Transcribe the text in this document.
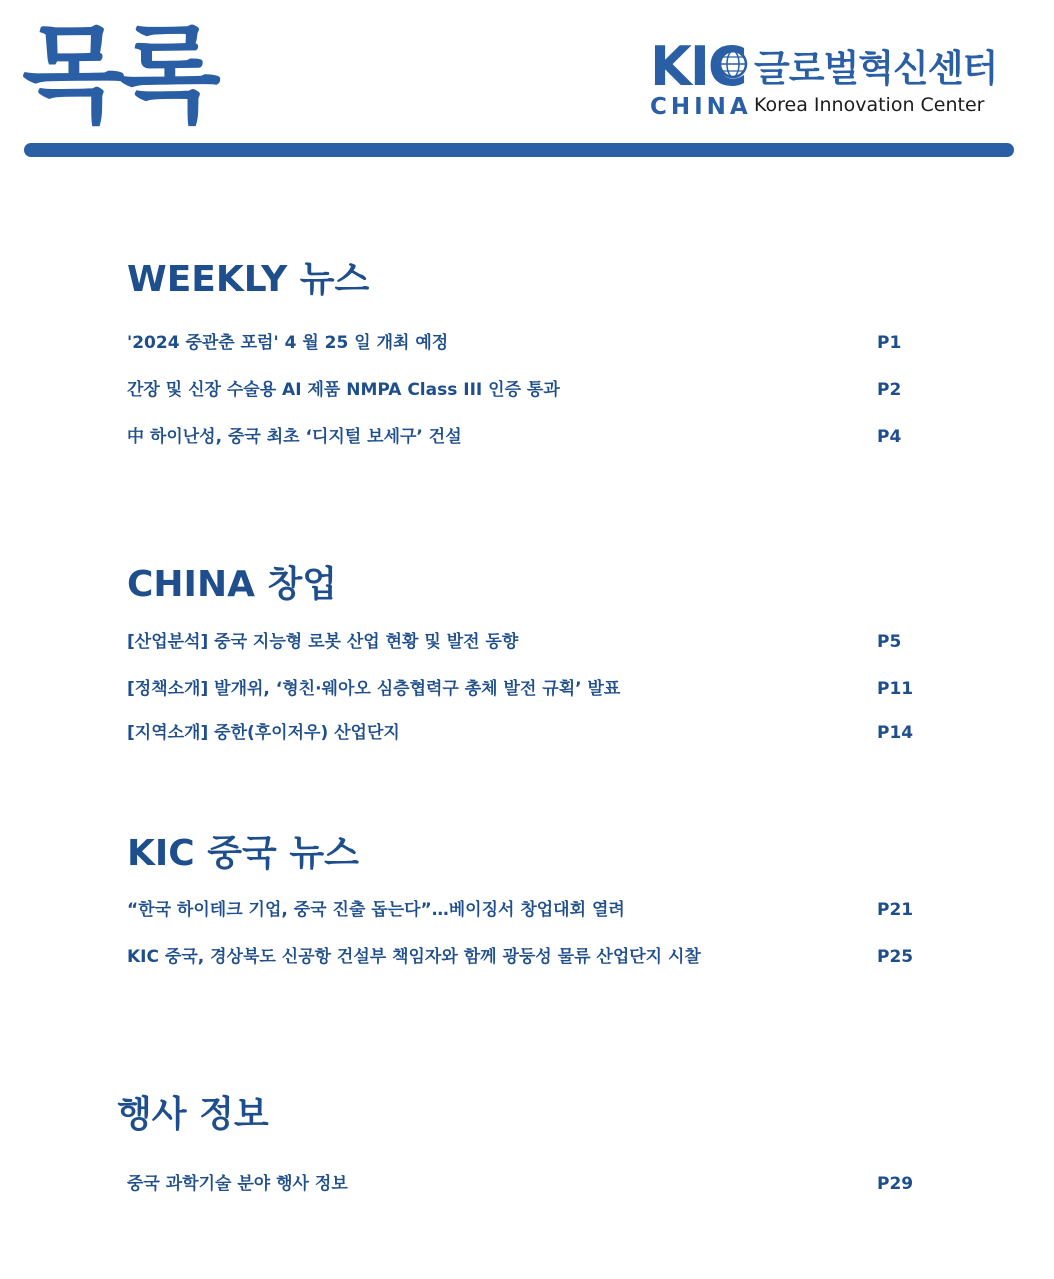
목록	KIC
CHINA
글로벌혁신센터
Korea Innovation Center
WEEKLY 뉴스
'2024 중관춘 포럼' 4 월 25 일 개최 예정	P1
간장 및 신장 수술용 AI 제품 NMPA Class III 인증 통과	P2
中 하이난성, 중국 최초 ‘디지털 보세구’ 건설	P4
CHINA 창업
[산업분석] 중국 지능형 로봇 산업 현황 및 발전 동향	P5
[정책소개] 발개위, ‘형친·웨아오 심층협력구 총체 발전 규획’ 발표	P11
[지역소개] 중한(후이저우) 산업단지	P14
KIC 중국 뉴스
“한국 하이테크 기업, 중국 진출 돕는다”…베이징서 창업대회 열려	P21
KIC 중국, 경상북도 신공항 건설부 책임자와 함께 광둥성 물류 산업단지 시찰	P25
행사 정보
중국 과학기술 분야 행사 정보	P29
